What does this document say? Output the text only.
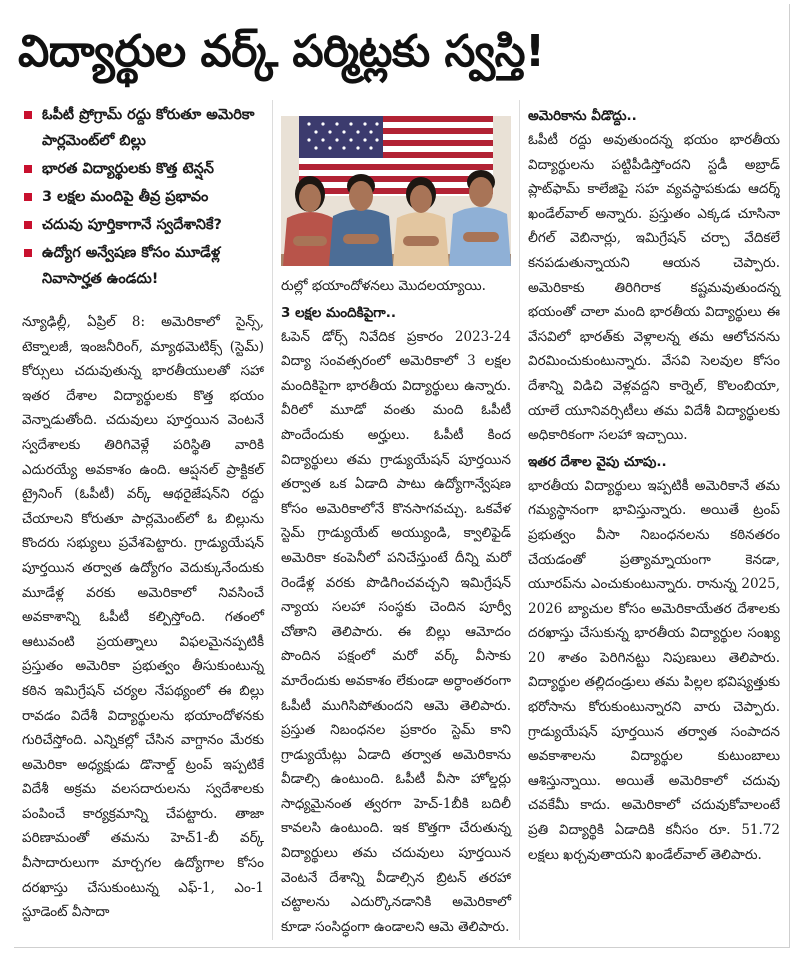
విద్యార్థుల వర్క్ పర్మిట్లకు స్వస్తి!
ఓపీటీ ప్రోగ్రామ్ రద్దు కోరుతూ అమెరికా పార్లమెంట్‌లో బిల్లు
భారత విద్యార్థులకు కొత్త టెన్షన్
3 లక్షల మందిపై తీవ్ర ప్రభావం
చదువు పూర్తికాగానే స్వదేశానికే?
ఉద్యోగ అన్వేషణ కోసం మూడేళ్ల నివాసార్హత ఉండదు!

న్యూఢిల్లీ, ఏప్రిల్ 8: అమెరికాలో సైన్స్, టెక్నాలజీ, ఇంజనీరింగ్, మ్యాథమెటిక్స్ (స్టెమ్) కోర్సులు చదువుతున్న భారతీయులతో సహా ఇతర దేశాల విద్యార్థులకు కొత్త భయం వెన్నాడుతోంది. చదువులు పూర్తయిన వెంటనే స్వదేశాలకు తిరిగివెళ్లే పరిస్థితి వారికి ఎదురయ్యే అవకాశం ఉంది. ఆప్షనల్ ప్రాక్టికల్ ట్రైనింగ్ (ఓపీటీ) వర్క్ ఆథరైజేషన్‌ని రద్దు చేయాలని కోరుతూ పార్లమెంట్‌లో ఓ బిల్లును కొందరు సభ్యులు ప్రవేశపెట్టారు. గ్రాడ్యుయేషన్ పూర్తయిన తర్వాత ఉద్యోగం వెదుక్కునేందుకు మూడేళ్ల వరకు అమెరికాలో నివసించే అవకాశాన్ని ఓపీటీ కల్పిస్తోంది. గతంలో ఆటువంటి ప్రయత్నాలు విఫలమైనప్పటికీ ప్రస్తుతం అమెరికా ప్రభుత్వం తీసుకుంటున్న కఠిన ఇమిగ్రేషన్ చర్యల నేపథ్యంలో ఈ బిల్లు రావడం విదేశీ విద్యార్థులను భయాందోళనకు గురిచేస్తోంది. ఎన్నికల్లో చేసిన వాగ్దానం మేరకు అమెరికా అధ్యక్షుడు డొనాల్డ్ ట్రంప్ ఇప్పటికే విదేశీ అక్రమ వలసదారులను స్వదేశాలకు పంపించే కార్యక్రమాన్ని చేపట్టారు. తాజా పరిణామంతో తమను హెచ్1-బీ వర్క్ వీసాదారులుగా మార్చగల ఉద్యోగాల కోసం దరఖాస్తు చేసుకుంటున్న ఎఫ్-1, ఎం-1 స్టూడెంట్ వీసాదా

రుల్లో భయాందోళనలు మొదలయ్యాయి.

3 లక్షల మందికిపైగా..

ఓపెన్ డోర్స్ నివేదిక ప్రకారం 2023-24 విద్యా సంవత్సరంలో అమెరికాలో 3 లక్షల మందికిపైగా భారతీయ విద్యార్థులు ఉన్నారు. వీరిలో మూడో వంతు మంది ఓపీటీ పొందేందుకు అర్హులు. ఓపీటీ కింద విద్యార్థులు తమ గ్రాడ్యుయేషన్ పూర్తయిన తర్వాత ఒక ఏడాది పాటు ఉద్యోగాన్వేషణ కోసం అమెరికాలోనే కొనసాగవచ్చు. ఒకవేళ స్టెమ్ గ్రాడ్యుయేట్ అయ్యుండి, క్వాలిఫైడ్ అమెరికా కంపెనీలో పనిచేస్తుంటే దీన్ని మరో రెండేళ్ల వరకు పొడిగించవచ్చని ఇమిగ్రేషన్ న్యాయ సలహా సంస్థకు చెందిన పూర్వీ చోతాని తెలిపారు. ఈ బిల్లు ఆమోదం పొందిన పక్షంలో మరో వర్క్ వీసాకు మారేందుకు అవకాశం లేకుండా అర్ధాంతరంగా ఓపీటీ ముగిసిపోతుందని ఆమె తెలిపారు. ప్రస్తుత నిబంధనల ప్రకారం స్టెమ్ కాని గ్రాడ్యుయేట్లు ఏడాది తర్వాత అమెరికాను వీడాల్సి ఉంటుంది. ఓపీటీ వీసా హోల్డర్లు సాధ్యమైనంత త్వరగా హెచ్-1బీకి బదిలీ కావలసి ఉంటుంది. ఇక కొత్తగా చేరుతున్న విద్యార్థులు తమ చదువులు పూర్తయిన వెంటనే దేశాన్ని వీడాల్సిన బ్రిటన్ తరహా చట్టాలను ఎదుర్కొనడానికి అమెరికాలో కూడా సంసిద్ధంగా ఉండాలని ఆమె తెలిపారు.

అమెరికాను వీడొద్దు..

ఓపీటీ రద్దు అవుతుందన్న భయం భారతీయ విద్యార్థులను పట్టిపీడిస్తోందని స్టడీ అబ్రాడ్ ప్లాట్‌ఫామ్ కాలేజిఫై సహ వ్యవస్థాపకుడు ఆదర్శ్ ఖండేల్‌వాల్ అన్నారు. ప్రస్తుతం ఎక్కడ చూసినా లీగల్ వెబినార్లు, ఇమిగ్రేషన్ చర్చా వేదికలే కనపడుతున్నాయని ఆయన చెప్పారు. అమెరికాకు తిరిగిరాక కష్టమవుతుందన్న భయంతో చాలా మంది భారతీయ విద్యార్థులు ఈ వేసవిలో భారత్‌కు వెళ్లాలన్న తమ ఆలోచనను విరమించుకుంటున్నారు. వేసవి సెలవుల కోసం దేశాన్ని విడిచి వెళ్లవద్దని కార్నెల్, కొలంబియా, యాలే యూనివర్సిటీలు తమ విదేశీ విద్యార్థులకు అధికారికంగా సలహా ఇచ్చాయి.

ఇతర దేశాల వైపు చూపు..

భారతీయ విద్యార్థులు ఇప్పటికీ అమెరికానే తమ గమ్యస్థానంగా భావిస్తున్నారు. అయితే ట్రంప్ ప్రభుత్వం వీసా నిబంధనలను కఠినతరం చేయడంతో ప్రత్యామ్నాయంగా కెనడా, యూరప్‌ను ఎంచుకుంటున్నారు. రానున్న 2025, 2026 బ్యాచుల కోసం అమెరికాయేతర దేశాలకు దరఖాస్తు చేసుకున్న భారతీయ విద్యార్థుల సంఖ్య 20 శాతం పెరిగినట్టు నిపుణులు తెలిపారు. విద్యార్థుల తల్లిదండ్రులు తమ పిల్లల భవిష్యత్తుకు భరోసాను కోరుకుంటున్నారని వారు చెప్పారు. గ్రాడ్యుయేషన్ పూర్తయిన తర్వాత సంపాదన అవకాశాలను విద్యార్థుల కుటుంబాలు ఆశిస్తున్నాయి. అయితే అమెరికాలో చదువు చవకేమీ కాదు. అమెరికాలో చదువుకోవాలంటే ప్రతి విద్యార్థికి ఏడాదికి కనీసం రూ. 51.72 లక్షలు ఖర్చవుతాయని ఖండేల్‌వాల్ తెలిపారు.
